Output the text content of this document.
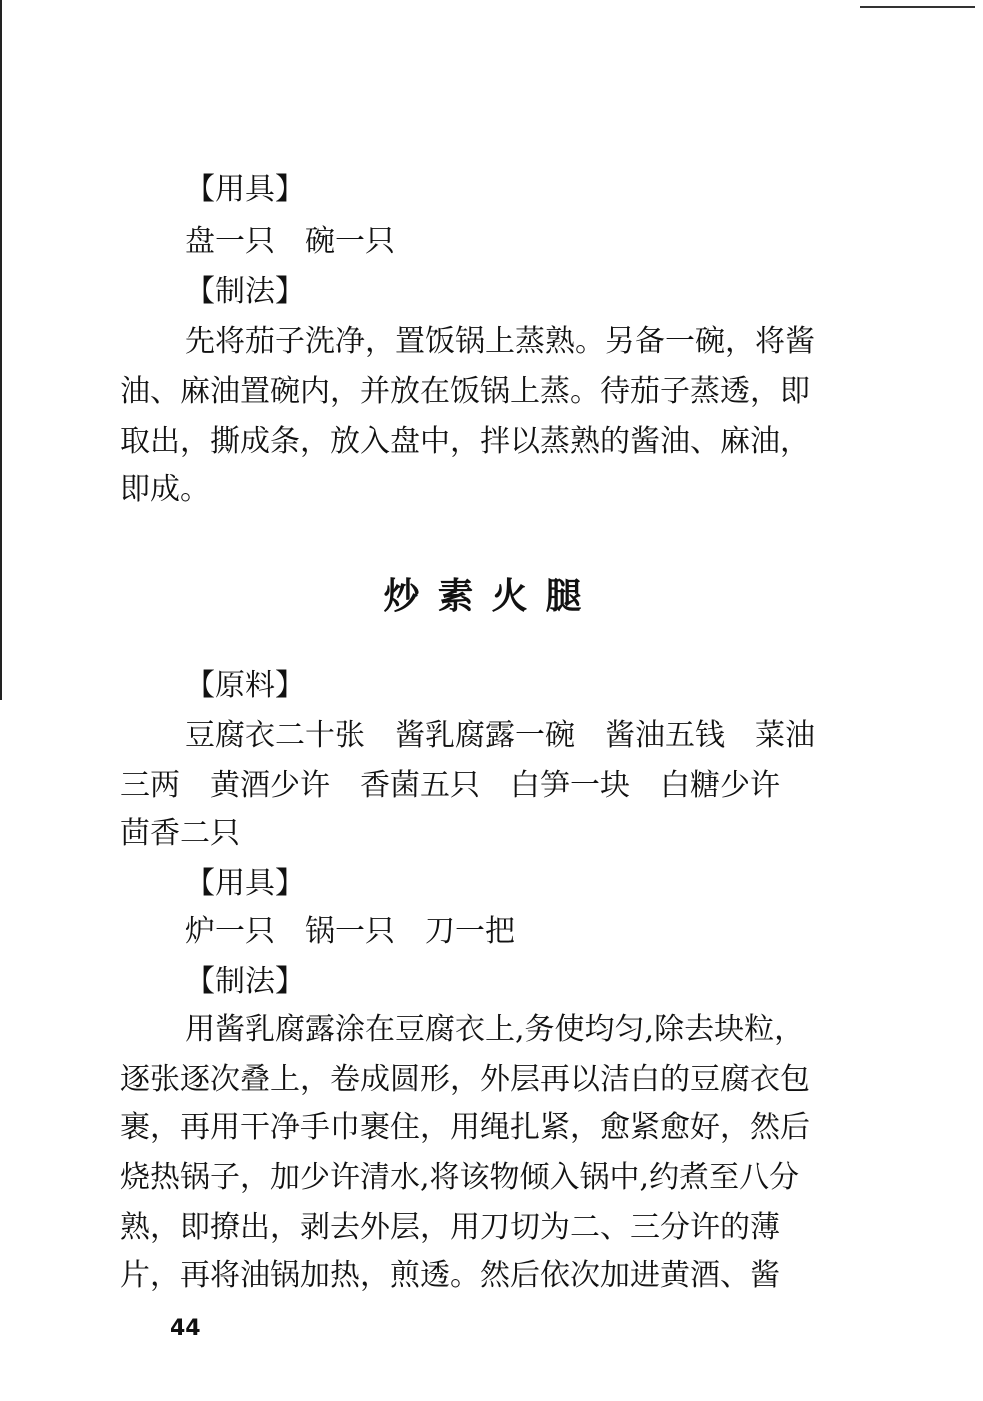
【用具】
盘一只　碗一只
【制法】
先将茄子洗净，置饭锅上蒸熟。另备一碗，将酱
油、麻油置碗内，并放在饭锅上蒸。待茄子蒸透，即
取出，撕成条，放入盘中，拌以蒸熟的酱油、麻油，
即成。
炒素火腿
【原料】
豆腐衣二十张　酱乳腐露一碗　酱油五钱　菜油
三两　黄酒少许　香菌五只　白笋一块　白糖少许
茴香二只
【用具】
炉一只　锅一只　刀一把
【制法】
用酱乳腐露涂在豆腐衣上,务使均匀,除去块粒，
逐张逐次叠上，卷成圆形，外层再以洁白的豆腐衣包
裹，再用干净手巾裹住，用绳扎紧，愈紧愈好，然后
烧热锅子，加少许清水,将该物倾入锅中,约煮至八分
熟，即撩出，剥去外层，用刀切为二、三分许的薄
片，再将油锅加热，煎透。然后依次加进黄酒、酱
44
